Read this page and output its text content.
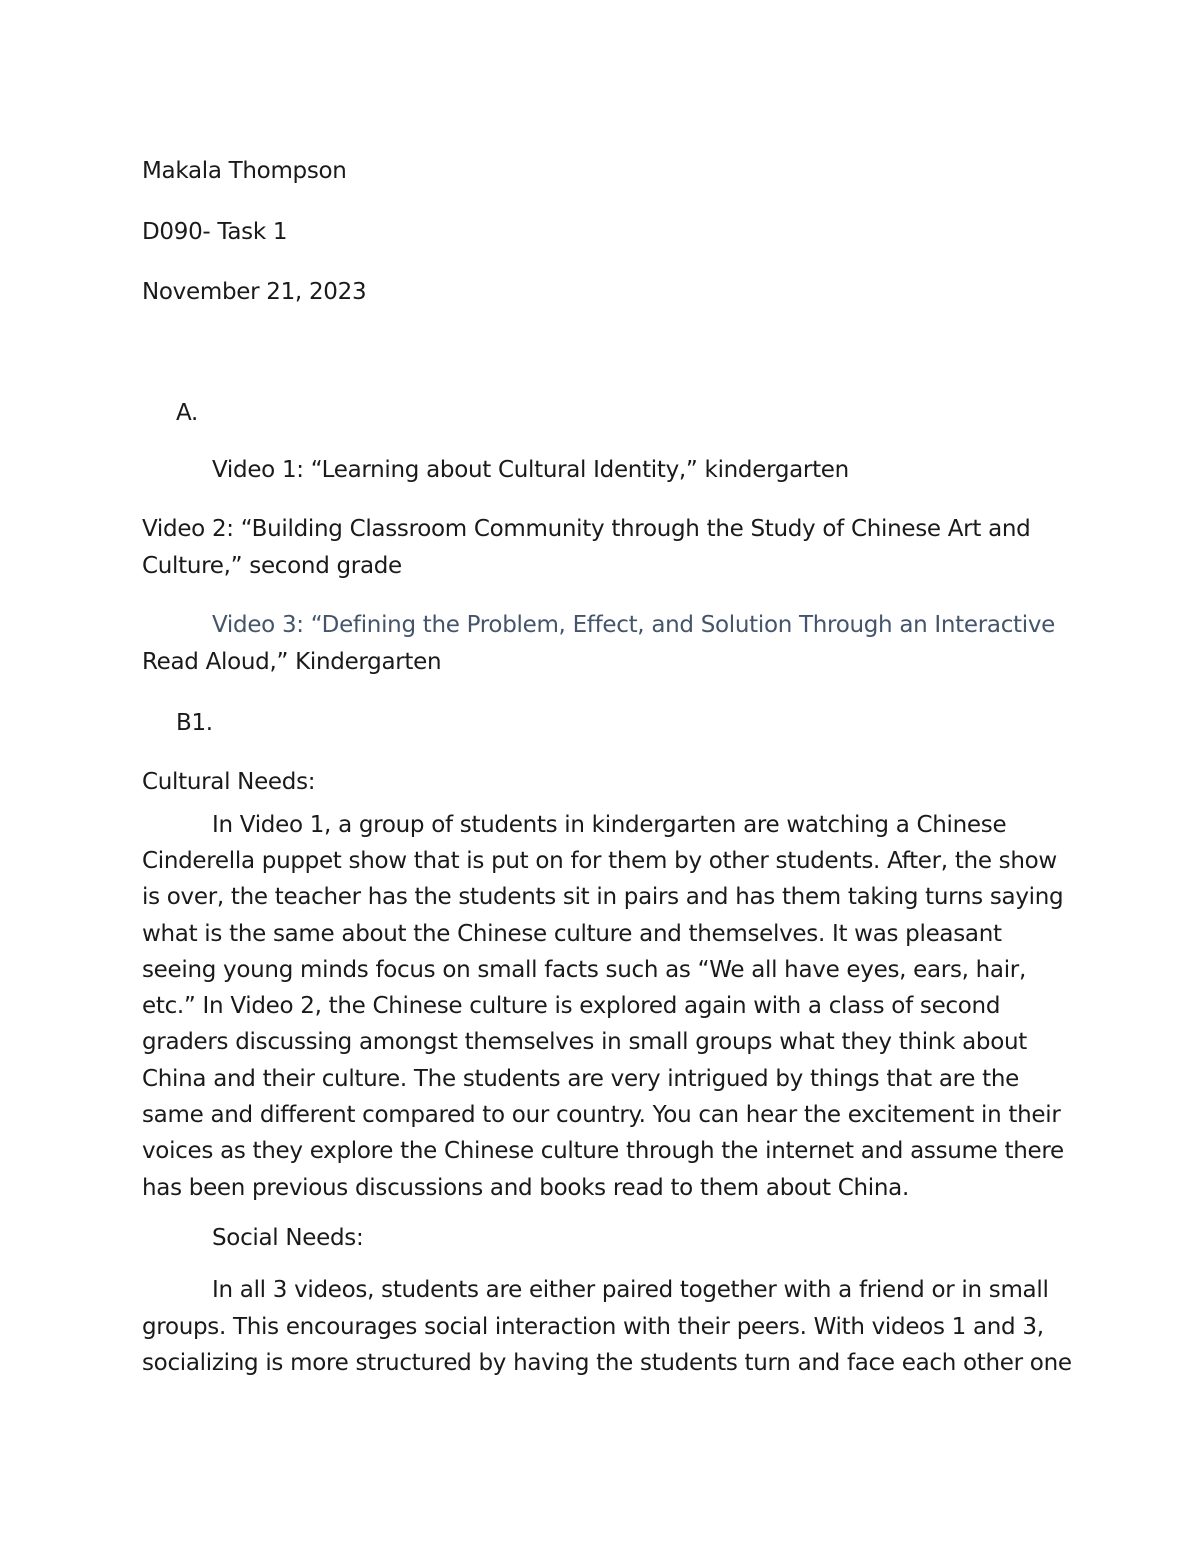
Makala Thompson
D090- Task 1
November 21, 2023
A.
Video 1: “Learning about Cultural Identity,” kindergarten
Video 2: “Building Classroom Community through the Study of Chinese Art and
Culture,” second grade
Video 3: “Defining the Problem, Effect, and Solution Through an Interactive
Read Aloud,” Kindergarten
B1.
Cultural Needs:
In Video 1, a group of students in kindergarten are watching a Chinese
Cinderella puppet show that is put on for them by other students. After, the show
is over, the teacher has the students sit in pairs and has them taking turns saying
what is the same about the Chinese culture and themselves. It was pleasant
seeing young minds focus on small facts such as “We all have eyes, ears, hair,
etc.” In Video 2, the Chinese culture is explored again with a class of second
graders discussing amongst themselves in small groups what they think about
China and their culture. The students are very intrigued by things that are the
same and different compared to our country. You can hear the excitement in their
voices as they explore the Chinese culture through the internet and assume there
has been previous discussions and books read to them about China.
Social Needs:
In all 3 videos, students are either paired together with a friend or in small
groups. This encourages social interaction with their peers. With videos 1 and 3,
socializing is more structured by having the students turn and face each other one
